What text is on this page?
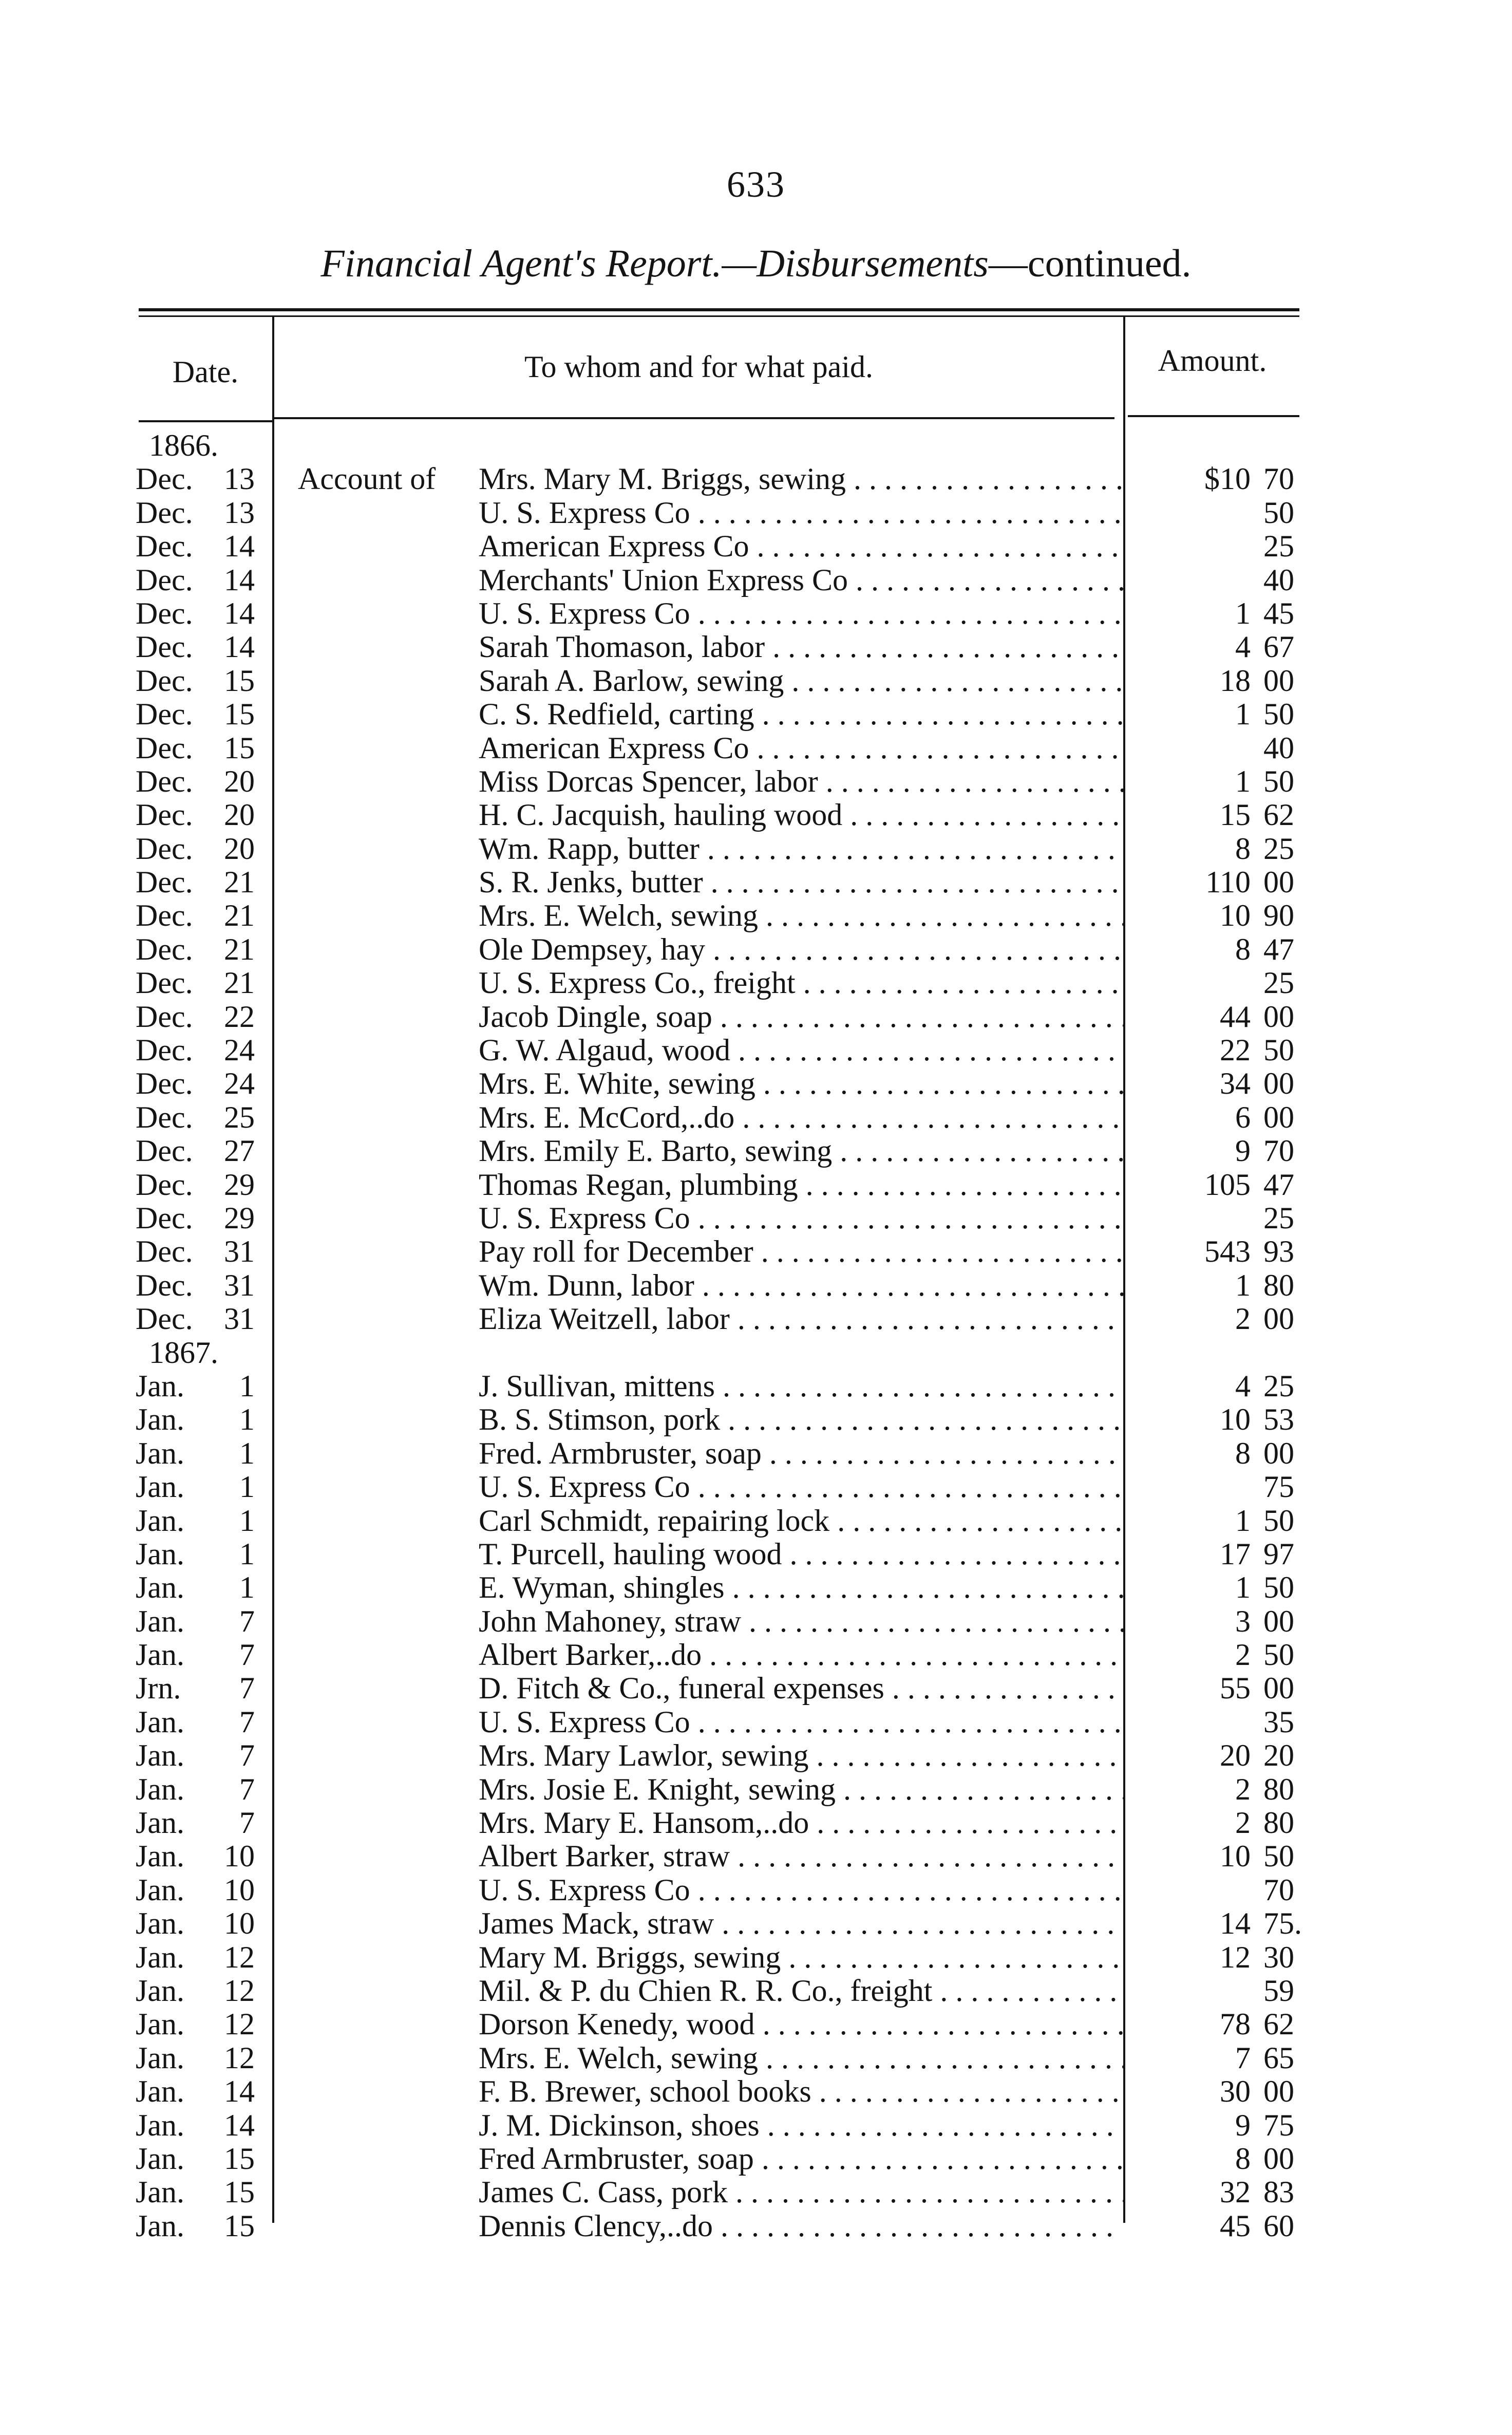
633
Financial Agent's Report.—Disbursements—continued.
Date.	To whom and for what paid.	Amount.
1866.
Dec.	13 Account of Mrs. Mary M. Briggs, sewing . . .	$10 70
Dec.	13	U. S. Express Co . . .	50
Dec.	14	American Express Co . . .	25
Dec.	14	Merchants' Union Express Co . . .	40
Dec.	14	U. S. Express Co . . .	1 45
Dec.	14	Sarah Thomason, labor . . .	4 67
Dec.	15	Sarah A. Barlow, sewing . . .	18 00
Dec.	15	C. S. Redfield, carting . . .	1 50
Dec.	15	American Express Co . . .	40
Dec.	20	Miss Dorcas Spencer, labor . . .	1 50
Dec.	20	H. C. Jacquish, hauling wood . . .	15 62
Dec.	20	Wm. Rapp, butter . . .	8 25
Dec.	21	S. R. Jenks, butter . . .	110 00
Dec.	21	Mrs. E. Welch, sewing . . .	10 90
Dec.	21	Ole Dempsey, hay . . .	8 47
Dec.	21	U. S. Express Co., freight . . .	25
Dec.	22	Jacob Dingle, soap . . .	44 00
Dec.	24	G. W. Algaud, wood . . .	22 50
Dec.	24	Mrs. E. White, sewing . . .	34 00
Dec.	25	Mrs. E. McCord,..do . . .	6 00
Dec.	27	Mrs. Emily E. Barto, sewing . . .	9 70
Dec.	29	Thomas Regan, plumbing . . .	105 47
Dec.	29	U. S. Express Co . . .	25
Dec.	31	Pay roll for December . . .	543 93
Dec.	31	Wm. Dunn, labor . . .	1 80
Dec.	31	Eliza Weitzell, labor . . .	2 00
1867.
Jan.	1	J. Sullivan, mittens . . .	4 25
Jan.	1	B. S. Stimson, pork . . .	10 53
Jan.	1	Fred. Armbruster, soap . . .	8 00
Jan.	1	U. S. Express Co . . .	75
Jan.	1	Carl Schmidt, repairing lock . . .	1 50
Jan.	1	T. Purcell, hauling wood . . .	17 97
Jan.	1	E. Wyman, shingles . . .	1 50
Jan.	7	John Mahoney, straw . . .	3 00
Jan.	7	Albert Barker,..do . . .	2 50
Jrn.	7	D. Fitch & Co., funeral expenses . . .	55 00
Jan.	7	U. S. Express Co . . .	35
Jan.	7	Mrs. Mary Lawlor, sewing . . .	20 20
Jan.	7	Mrs. Josie E. Knight, sewing . . .	2 80
Jan.	7	Mrs. Mary E. Hansom,..do . . .	2 80
Jan.	10	Albert Barker, straw . . .	10 50
Jan.	10	U. S. Express Co . . .	70
Jan.	10	James Mack, straw . . .	14 75.
Jan.	12	Mary M. Briggs, sewing . . .	12 30
Jan.	12	Mil. & P. du Chien R. R. Co., freight . . .	59
Jan.	12	Dorson Kenedy, wood . . .	78 62
Jan.	12	Mrs. E. Welch, sewing . . .	7 65
Jan.	14	F. B. Brewer, school books . . .	30 00
Jan.	14	J. M. Dickinson, shoes . . .	9 75
Jan.	15	Fred Armbruster, soap . . .	8 00
Jan.	15	James C. Cass, pork . . .	32 83
Jan.	15	Dennis Clency,..do . . .	45 60
